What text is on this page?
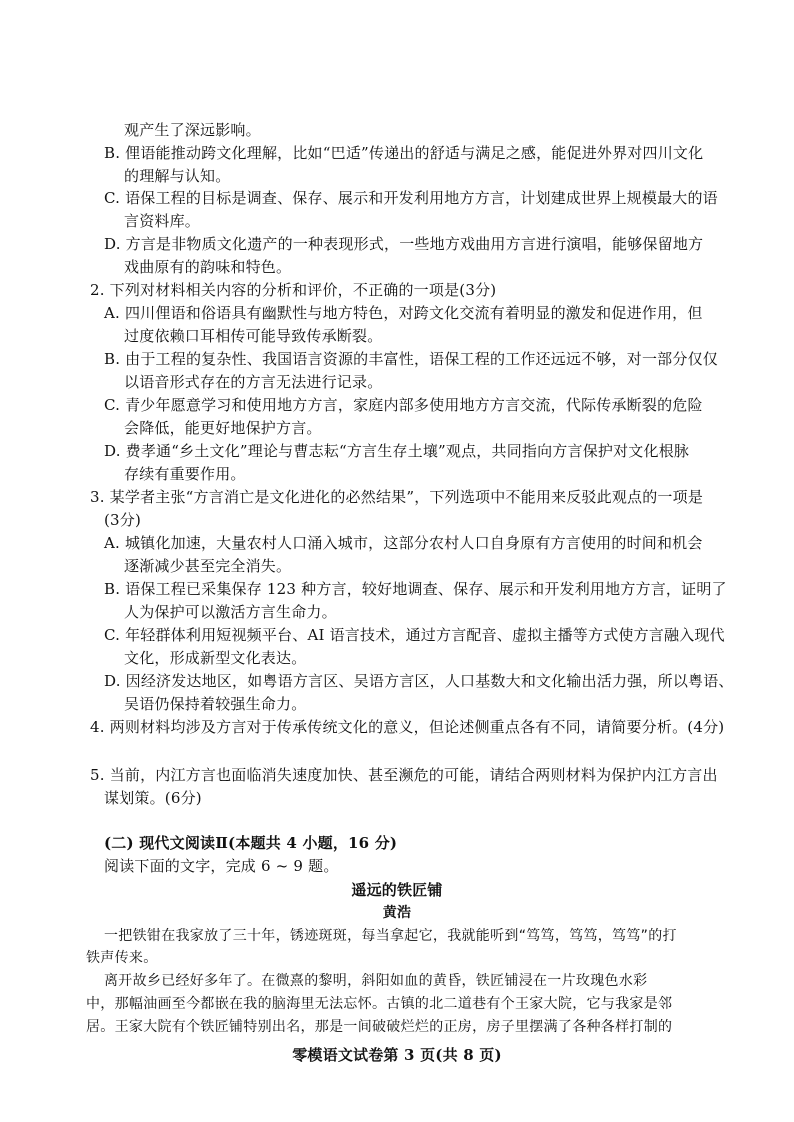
观产生了深远影响。
B. 俚语能推动跨文化理解，比如“巴适”传递出的舒适与满足之感，能促进外界对四川文化
的理解与认知。
C. 语保工程的目标是调查、保存、展示和开发利用地方方言，计划建成世界上规模最大的语
言资料库。
D. 方言是非物质文化遗产的一种表现形式，一些地方戏曲用方言进行演唱，能够保留地方
戏曲原有的韵味和特色。
2. 下列对材料相关内容的分析和评价，不正确的一项是(3分)
A. 四川俚语和俗语具有幽默性与地方特色，对跨文化交流有着明显的激发和促进作用，但
过度依赖口耳相传可能导致传承断裂。
B. 由于工程的复杂性、我国语言资源的丰富性，语保工程的工作还远远不够，对一部分仅仅
以语音形式存在的方言无法进行记录。
C. 青少年愿意学习和使用地方方言，家庭内部多使用地方方言交流，代际传承断裂的危险
会降低，能更好地保护方言。
D. 费孝通“乡土文化”理论与曹志耘“方言生存土壤”观点，共同指向方言保护对文化根脉
存续有重要作用。
3. 某学者主张“方言消亡是文化进化的必然结果”，下列选项中不能用来反驳此观点的一项是
(3分)
A. 城镇化加速，大量农村人口涌入城市，这部分农村人口自身原有方言使用的时间和机会
逐渐减少甚至完全消失。
B. 语保工程已采集保存 123 种方言，较好地调查、保存、展示和开发利用地方方言，证明了
人为保护可以激活方言生命力。
C. 年轻群体利用短视频平台、AI 语言技术，通过方言配音、虚拟主播等方式使方言融入现代
文化，形成新型文化表达。
D. 因经济发达地区，如粤语方言区、吴语方言区，人口基数大和文化输出活力强，所以粤语、
吴语仍保持着较强生命力。
4. 两则材料均涉及方言对于传承传统文化的意义，但论述侧重点各有不同，请简要分析。(4分)
5. 当前，内江方言也面临消失速度加快、甚至濒危的可能，请结合两则材料为保护内江方言出
谋划策。(6分)
(二) 现代文阅读Ⅱ(本题共 4 小题，16 分)
阅读下面的文字，完成 6 ~ 9 题。
遥远的铁匠铺
黄浩
一把铁钳在我家放了三十年，锈迹斑斑，每当拿起它，我就能听到“笃笃，笃笃，笃笃”的打
铁声传来。
离开故乡已经好多年了。在微熹的黎明，斜阳如血的黄昏，铁匠铺浸在一片玫瑰色水彩
中，那幅油画至今都嵌在我的脑海里无法忘怀。古镇的北二道巷有个王家大院，它与我家是邻
居。王家大院有个铁匠铺特别出名，那是一间破破烂烂的正房，房子里摆满了各种各样打制的
零模语文试卷第 3 页(共 8 页)
